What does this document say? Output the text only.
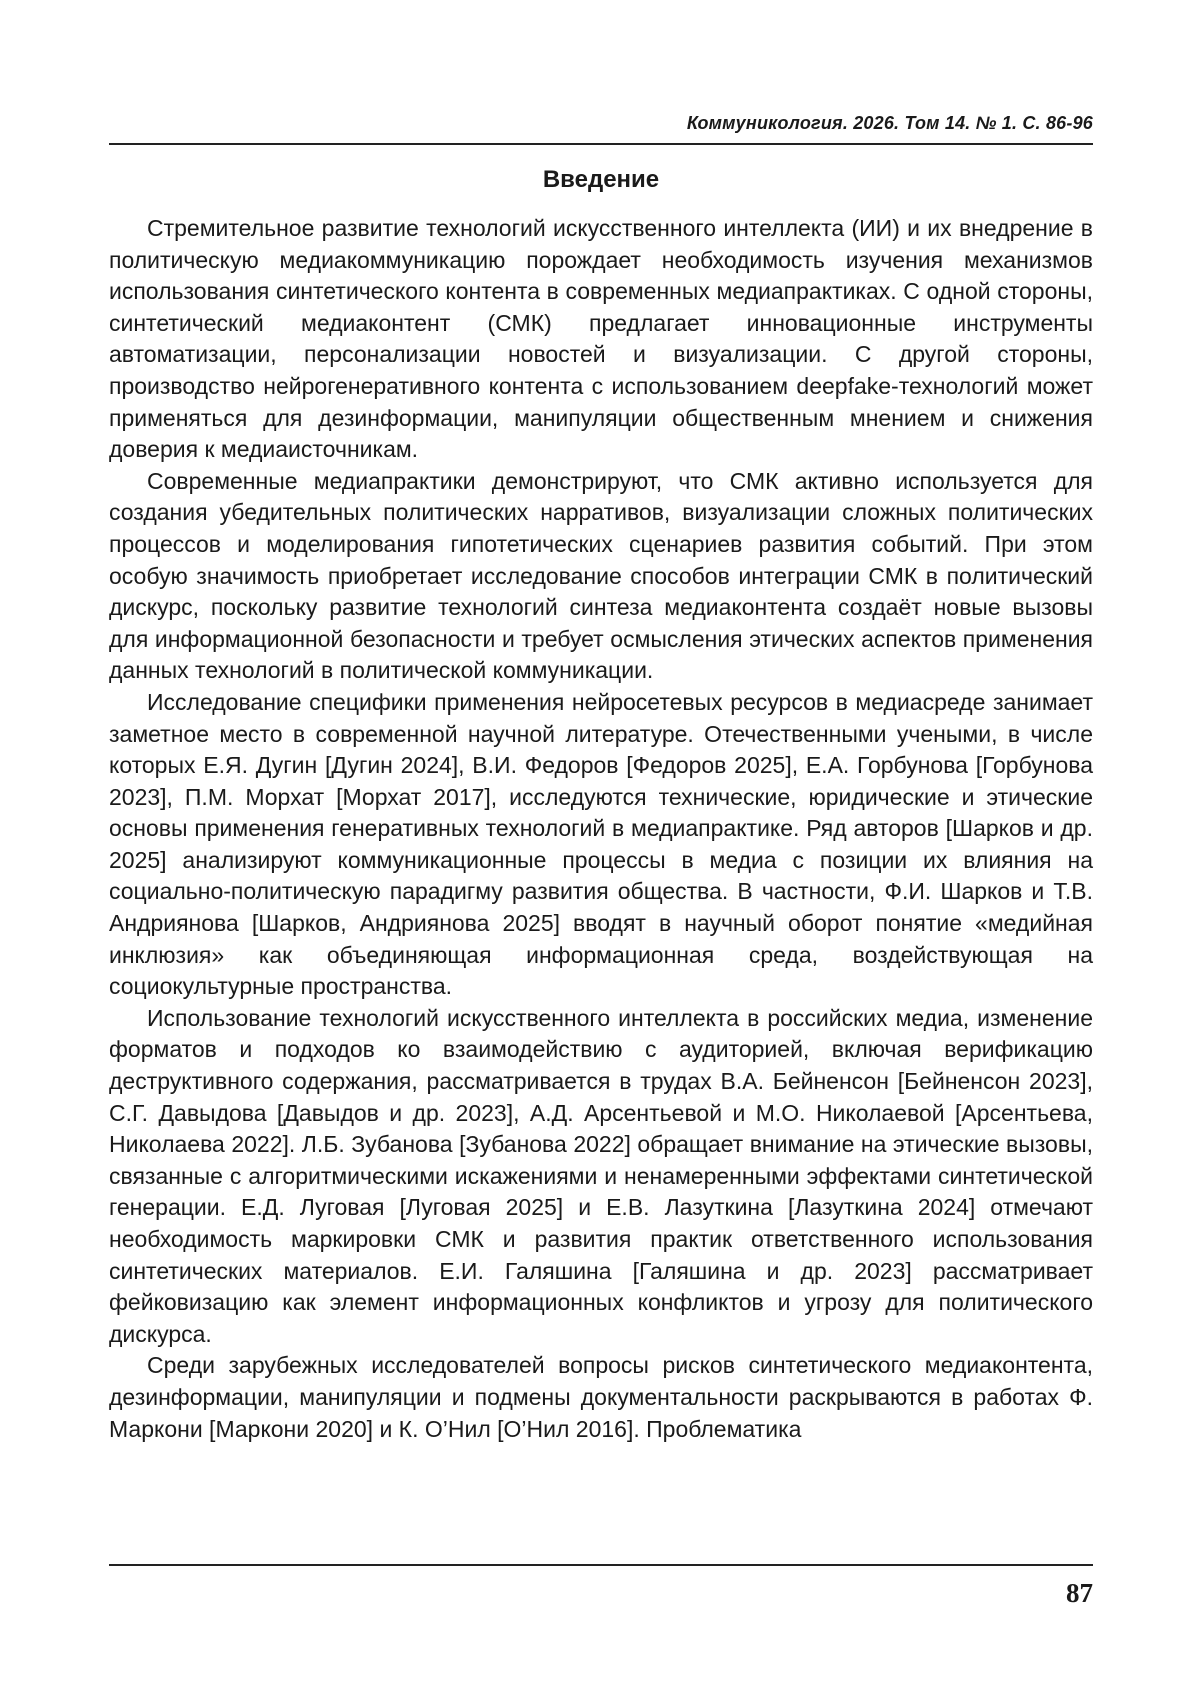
Коммуникология. 2026. Том 14. № 1. С. 86-96
Введение

Стремительное развитие технологий искусственного интеллекта (ИИ) и их внедрение в политическую медиакоммуникацию порождает необходимость изучения механизмов использования синтетического контента в современных медиапрактиках. С одной стороны, синтетический медиаконтент (СМК) предлагает инновационные инструменты автоматизации, персонализации новостей и визуализации. С другой стороны, производство нейрогенеративного контента с использованием deepfake-технологий может применяться для дезинформации, манипуляции общественным мнением и снижения доверия к медиаисточникам.

Современные медиапрактики демонстрируют, что СМК активно используется для создания убедительных политических нарративов, визуализации сложных политических процессов и моделирования гипотетических сценариев развития событий. При этом особую значимость приобретает исследование способов интеграции СМК в политический дискурс, поскольку развитие технологий синтеза медиаконтента создаёт новые вызовы для информационной безопасности и требует осмысления этических аспектов применения данных технологий в политической коммуникации.

Исследование специфики применения нейросетевых ресурсов в медиасреде занимает заметное место в современной научной литературе. Отечественными учеными, в числе которых Е.Я. Дугин [Дугин 2024], В.И. Федоров [Федоров 2025], Е.А. Горбунова [Горбунова 2023], П.М. Морхат [Морхат 2017], исследуются технические, юридические и этические основы применения генеративных технологий в медиапрактике. Ряд авторов [Шарков и др. 2025] анализируют коммуникационные процессы в медиа с позиции их влияния на социально-политическую парадигму развития общества. В частности, Ф.И. Шарков и Т.В. Андриянова [Шарков, Андриянова 2025] вводят в научный оборот понятие «медийная инклюзия» как объединяющая информационная среда, воздействующая на социокультурные пространства.

Использование технологий искусственного интеллекта в российских медиа, изменение форматов и подходов ко взаимодействию с аудиторией, включая верификацию деструктивного содержания, рассматривается в трудах В.А. Бейненсон [Бейненсон 2023], С.Г. Давыдова [Давыдов и др. 2023], А.Д. Арсентьевой и М.О. Николаевой [Арсентьева, Николаева 2022]. Л.Б. Зубанова [Зубанова 2022] обращает внимание на этические вызовы, связанные с алгоритмическими искажениями и ненамеренными эффектами синтетической генерации. Е.Д. Луговая [Луговая 2025] и Е.В. Лазуткина [Лазуткина 2024] отмечают необходимость маркировки СМК и развития практик ответственного использования синтетических материалов. Е.И. Галяшина [Галяшина и др. 2023] рассматривает фейковизацию как элемент информационных конфликтов и угрозу для политического дискурса.

Среди зарубежных исследователей вопросы рисков синтетического медиаконтента, дезинформации, манипуляции и подмены документальности раскрываются в работах Ф. Маркони [Маркони 2020] и К. О’Нил [О’Нил 2016]. Проблематика

87
